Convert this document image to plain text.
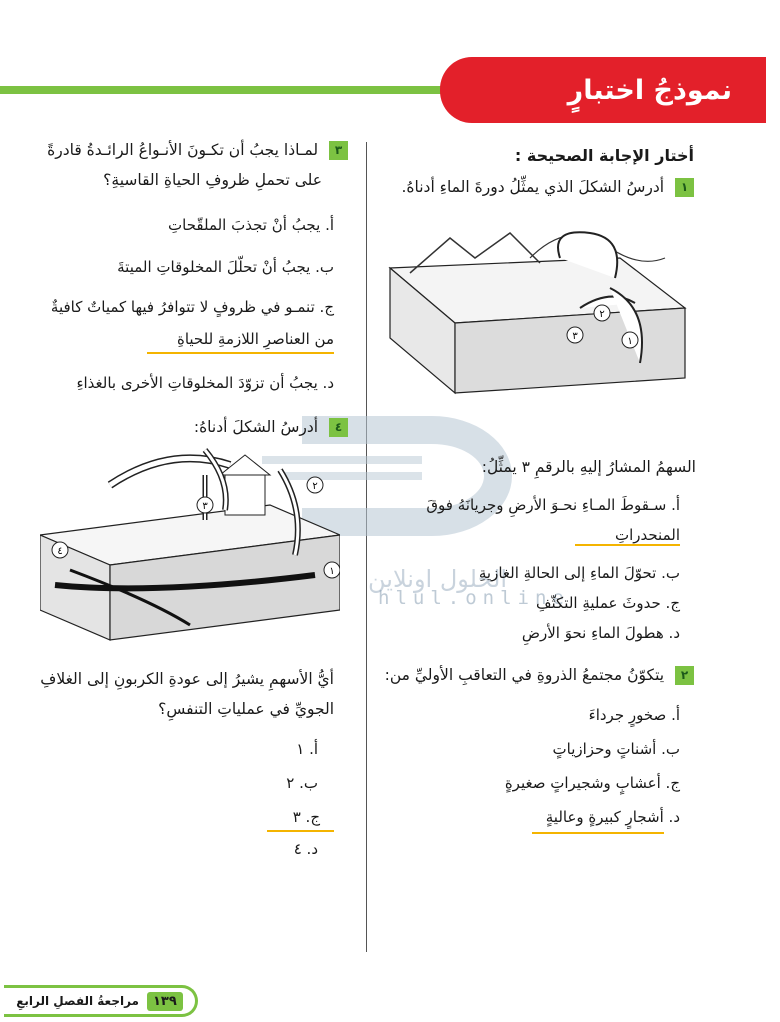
نموذجُ اختبارٍ
أختار الإجابة الصحيحة :
١ أدرسُ الشكلَ الذي يمثِّلُ دورةَ الماءِ أدناهُ.
١
٢
٣
الحلول اونلاين
hlul.online
السهمُ المشارُ إليهِ بالرقمِ ٣ يمثِّلُ:
أ. سـقوطَ المـاءِ نحـوَ الأرضِ وجريانَهُ فوقَ
المنحدراتِ
ب. تحوّلَ الماءِ إلى الحالةِ الغازيةِ
ج. حدوثَ عمليةِ التكثّفِ
د. هطولَ الماءِ نحوَ الأرضِ
٢ يتكوّنُ مجتمعُ الذروةِ في التعاقبِ الأوليِّ من:
أ. صخورٍ جرداءَ
ب. أشناتٍ وحزازياتٍ
ج. أعشابٍ وشجيراتٍ صغيرةٍ
د. أشجارٍ كبيرةٍ وعاليةٍ
٣ لمـاذا يجبُ أن تكـونَ الأنـواعُ الرائـدةُ قادرةً
على تحملِ ظروفِ الحياةِ القاسيةِ؟
أ. يجبُ أنْ تجذبَ الملقّحاتِ
ب. يجبُ أنْ تحلّلَ المخلوقاتِ الميتةَ
ج. تنمـو في ظروفٍ لا تتوافرُ فيها كمياتٌ كافيةٌ
من العناصرِ اللازمةِ للحياةِ
د. يجبُ أن تزوّدَ المخلوقاتِ الأخرى بالغذاءِ
٤ أدرسُ الشكلَ أدناهُ:
١
٢
٣
٤
أيُّ الأسهمِ يشيرُ إلى عودةِ الكربونِ إلى الغلافِ
الجويِّ في عملياتِ التنفسِ؟
أ. ١
ب. ٢
ج. ٣
د. ٤
١٣٩
مراجعةُ الفصلِ الرابعِ
